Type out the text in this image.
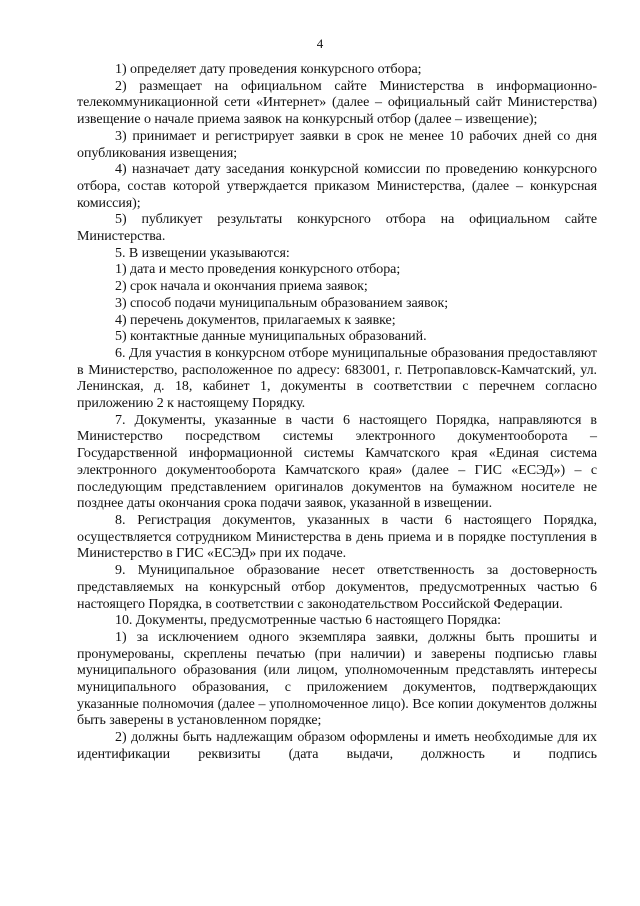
4

1) определяет дату проведения конкурсного отбора;

2) размещает на официальном сайте Министерства в информационно-телекоммуникационной сети «Интернет» (далее – официальный сайт Министерства) извещение о начале приема заявок на конкурсный отбор (далее – извещение);

3) принимает и регистрирует заявки в срок не менее 10 рабочих дней со дня опубликования извещения;

4) назначает дату заседания конкурсной комиссии по проведению конкурсного отбора, состав которой утверждается приказом Министерства, (далее – конкурсная комиссия);

5) публикует результаты конкурсного отбора на официальном сайте Министерства.

5. В извещении указываются:

1) дата и место проведения конкурсного отбора;

2) срок начала и окончания приема заявок;

3) способ подачи муниципальным образованием заявок;

4) перечень документов, прилагаемых к заявке;

5) контактные данные муниципальных образований.

6. Для участия в конкурсном отборе муниципальные образования предоставляют в Министерство, расположенное по адресу: 683001, г. Петропавловск-Камчатский, ул. Ленинская, д. 18, кабинет 1, документы в соответствии с перечнем согласно приложению 2 к настоящему Порядку.

7. Документы, указанные в части 6 настоящего Порядка, направляются в Министерство посредством системы электронного документооборота – Государственной информационной системы Камчатского края «Единая система электронного документооборота Камчатского края» (далее – ГИС «ЕСЭД») – с последующим представлением оригиналов документов на бумажном носителе не позднее даты окончания срока подачи заявок, указанной в извещении.

8. Регистрация документов, указанных в части 6 настоящего Порядка, осуществляется сотрудником Министерства в день приема и в порядке поступления в Министерство в ГИС «ЕСЭД» при их подаче.

9. Муниципальное образование несет ответственность за достоверность представляемых на конкурсный отбор документов, предусмотренных частью 6 настоящего Порядка, в соответствии с законодательством Российской Федерации.

10. Документы, предусмотренные частью 6 настоящего Порядка:

1) за исключением одного экземпляра заявки, должны быть прошиты и пронумерованы, скреплены печатью (при наличии) и заверены подписью главы муниципального образования (или лицом, уполномоченным представлять интересы муниципального образования, с приложением документов, подтверждающих указанные полномочия (далее – уполномоченное лицо). Все копии документов должны быть заверены в установленном порядке;

2) должны быть надлежащим образом оформлены и иметь необходимые для их идентификации реквизиты (дата выдачи, должность и подпись
